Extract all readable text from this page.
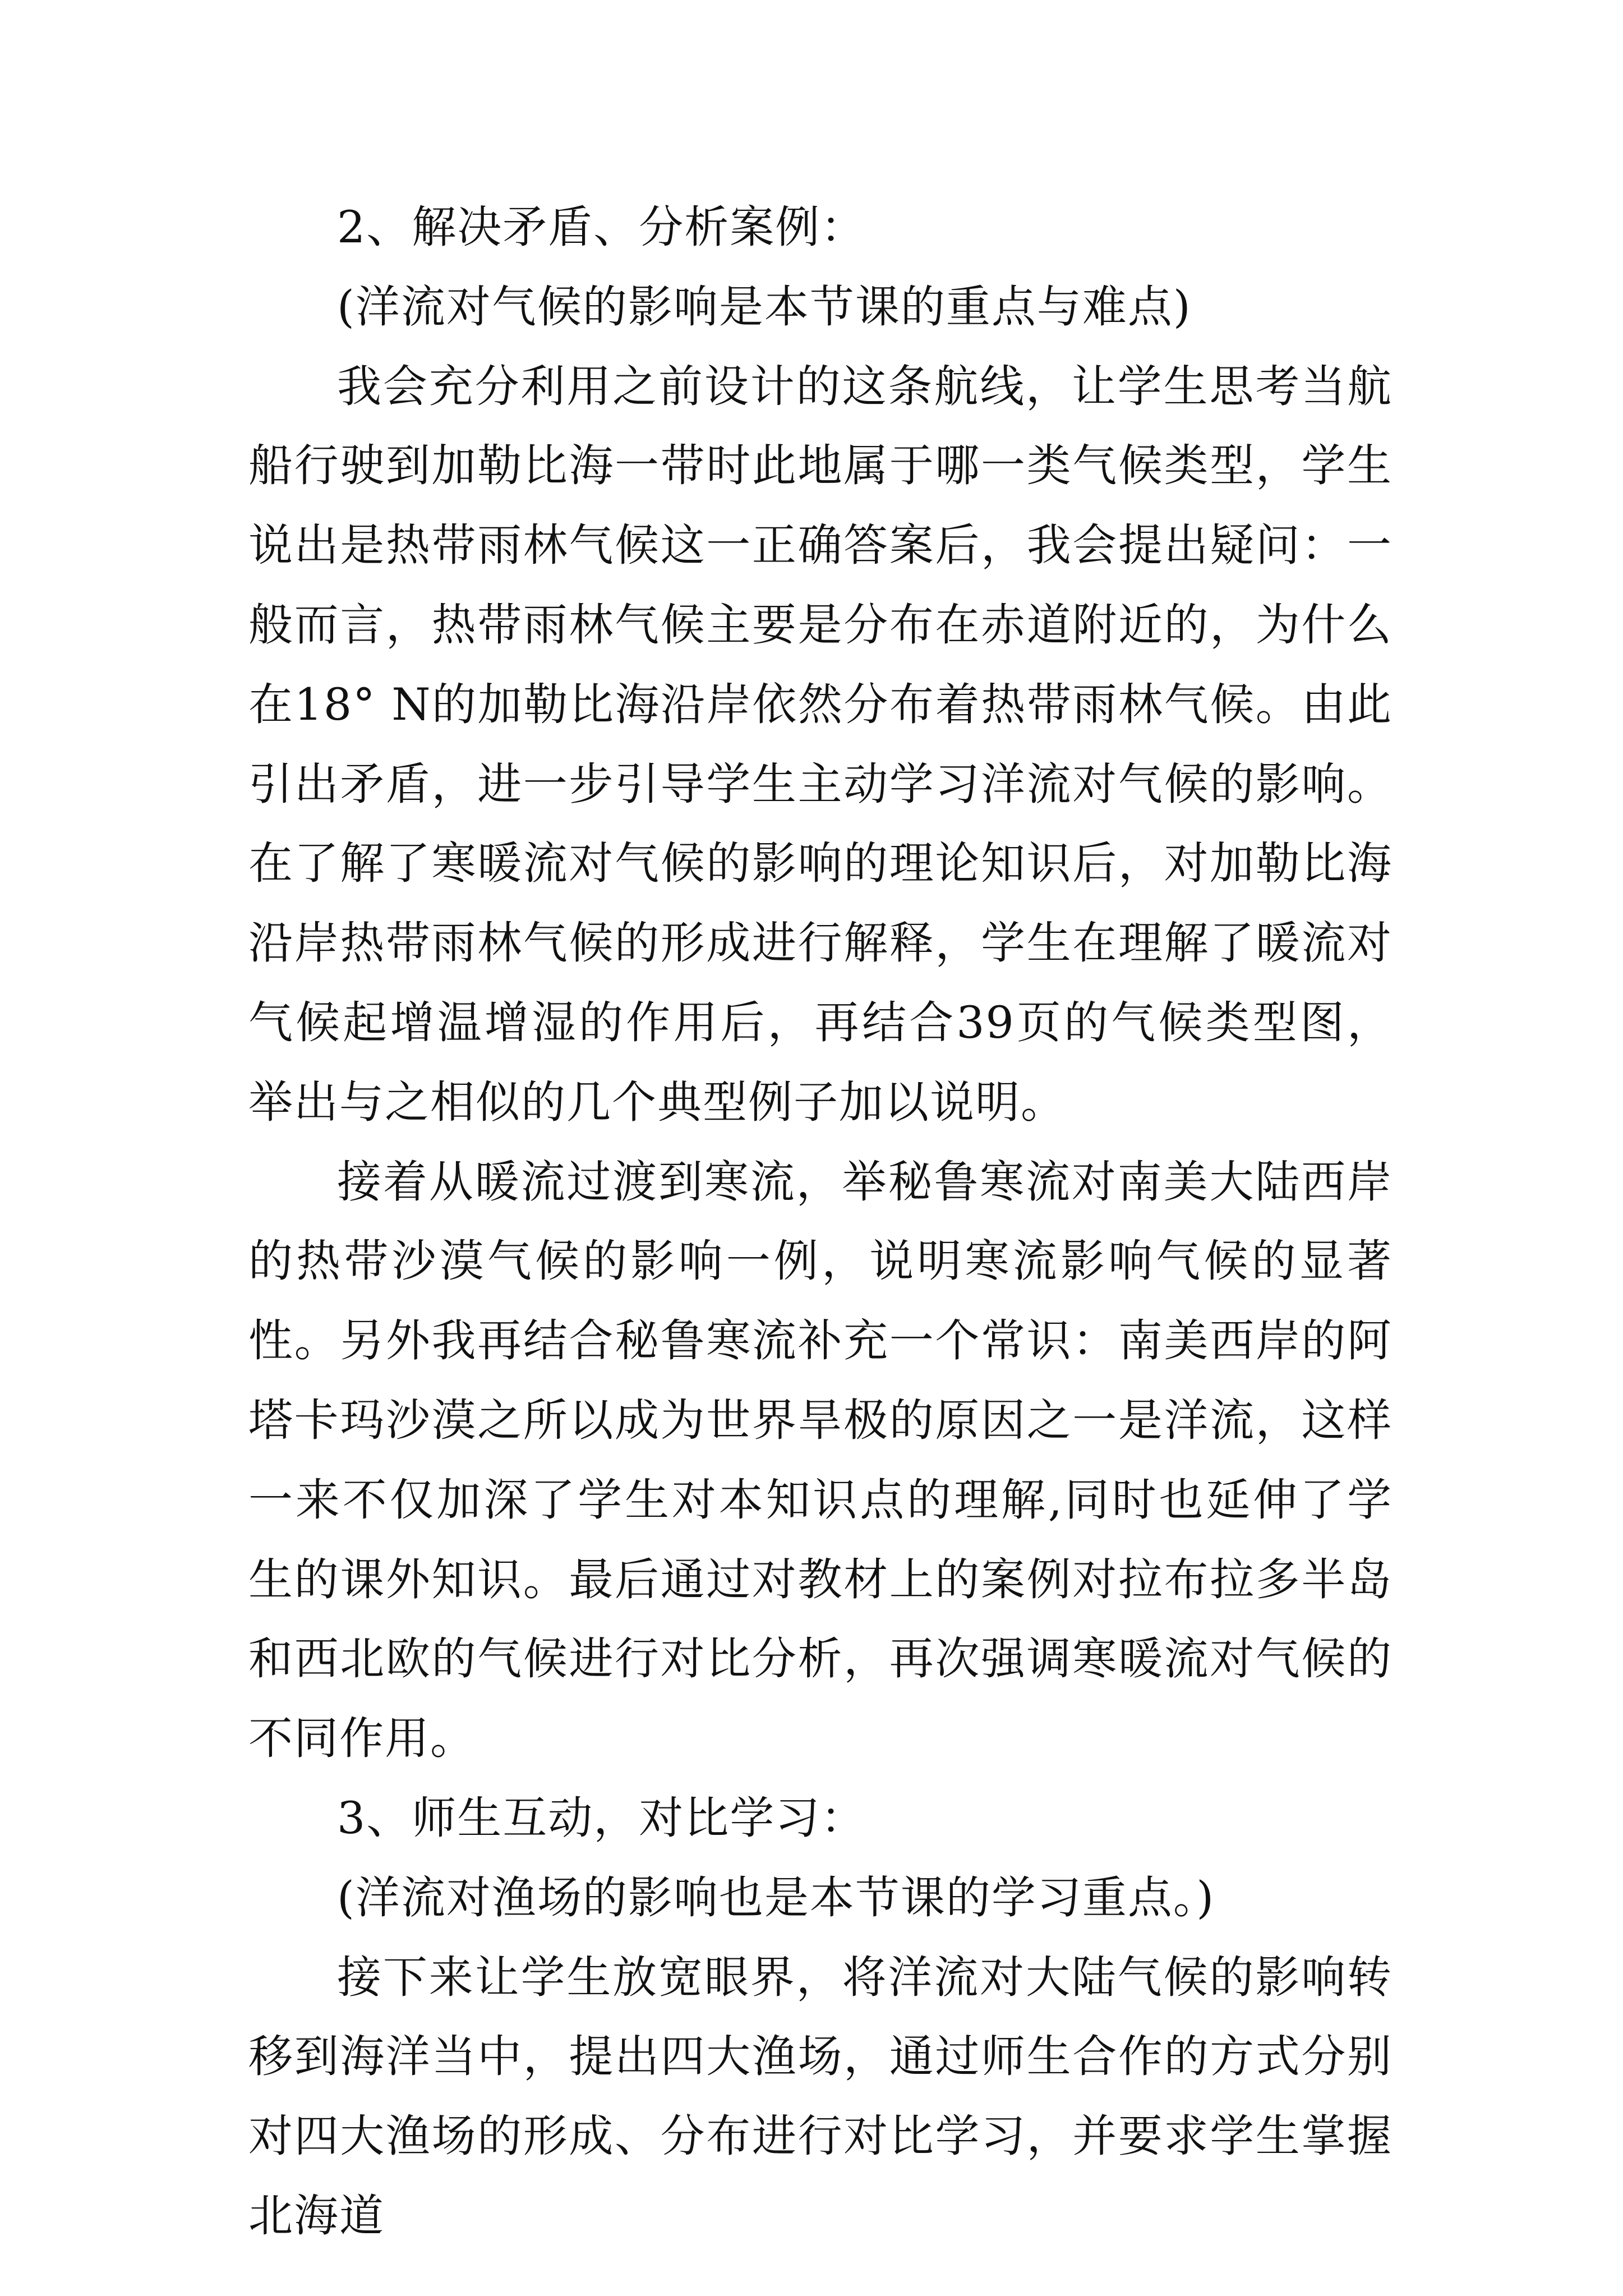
2、解决矛盾、分析案例：

(洋流对气候的影响是本节课的重点与难点)

我会充分利用之前设计的这条航线，让学生思考当航船行驶到加勒比海一带时此地属于哪一类气候类型，学生说出是热带雨林气候这一正确答案后，我会提出疑问：一般而言，热带雨林气候主要是分布在赤道附近的，为什么在18° N的加勒比海沿岸依然分布着热带雨林气候。由此引出矛盾，进一步引导学生主动学习洋流对气候的影响。在了解了寒暖流对气候的影响的理论知识后，对加勒比海沿岸热带雨林气候的形成进行解释，学生在理解了暖流对气候起增温增湿的作用后，再结合39页的气候类型图，举出与之相似的几个典型例子加以说明。

接着从暖流过渡到寒流，举秘鲁寒流对南美大陆西岸的热带沙漠气候的影响一例，说明寒流影响气候的显著性。另外我再结合秘鲁寒流补充一个常识：南美西岸的阿塔卡玛沙漠之所以成为世界旱极的原因之一是洋流，这样一来不仅加深了学生对本知识点的理解,同时也延伸了学生的课外知识。最后通过对教材上的案例对拉布拉多半岛和西北欧的气候进行对比分析，再次强调寒暖流对气候的不同作用。

3、师生互动，对比学习：

(洋流对渔场的影响也是本节课的学习重点。)

接下来让学生放宽眼界，将洋流对大陆气候的影响转移到海洋当中，提出四大渔场，通过师生合作的方式分别对四大渔场的形成、分布进行对比学习，并要求学生掌握北海道
